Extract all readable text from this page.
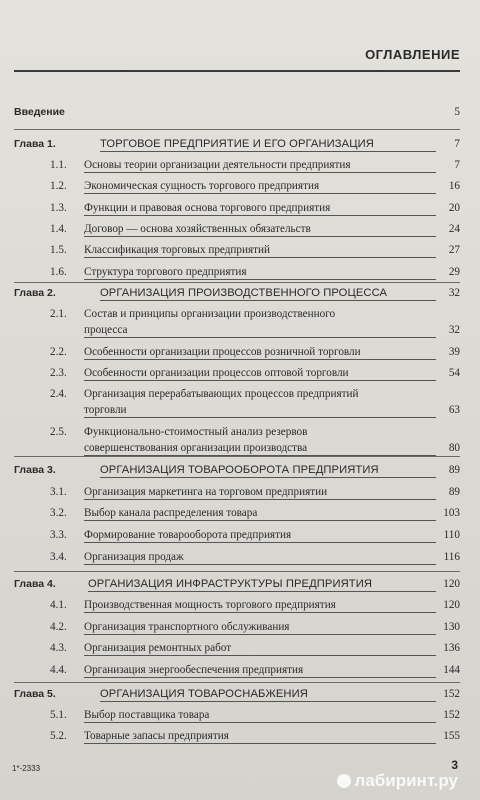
ОГЛАВЛЕНИЕ
Введение	5
Глава 1.	ТОРГОВОЕ ПРЕДПРИЯТИЕ И ЕГО ОРГАНИЗАЦИЯ	7
1.1. Основы теории организации деятельности предприятия	7
1.2. Экономическая сущность торгового предприятия	16
1.3. Функции и правовая основа торгового предприятия	20
1.4. Договор — основа хозяйственных обязательств	24
1.5. Классификация торговых предприятий	27
1.6. Структура торгового предприятия	29
Глава 2.	ОРГАНИЗАЦИЯ ПРОИЗВОДСТВЕННОГО ПРОЦЕССА	32
2.1. Состав и принципы организации производственного
процесса	32
2.2. Особенности организации процессов розничной торговли	39
2.3. Особенности организации процессов оптовой торговли	54
2.4. Организация перерабатывающих процессов предприятий
торговли	63
2.5. Функционально-стоимостный анализ резервов
совершенствования организации производства	80
Глава 3.	ОРГАНИЗАЦИЯ ТОВАРООБОРОТА ПРЕДПРИЯТИЯ	89
3.1. Организация маркетинга на торговом предприятии	89
3.2. Выбор канала распределения товара	103
3.3. Формирование товарооборота предприятия	110
3.4. Организация продаж	116
Глава 4.	ОРГАНИЗАЦИЯ ИНФРАСТРУКТУРЫ ПРЕДПРИЯТИЯ	120
4.1. Производственная мощность торгового предприятия	120
4.2. Организация транспортного обслуживания	130
4.3. Организация ремонтных работ	136
4.4. Организация энергообеспечения предприятия	144
Глава 5.	ОРГАНИЗАЦИЯ ТОВАРОСНАБЖЕНИЯ	152
5.1. Выбор поставщика товара	152
5.2. Товарные запасы предприятия	155
1*-2333	3
лабиринт.ру
